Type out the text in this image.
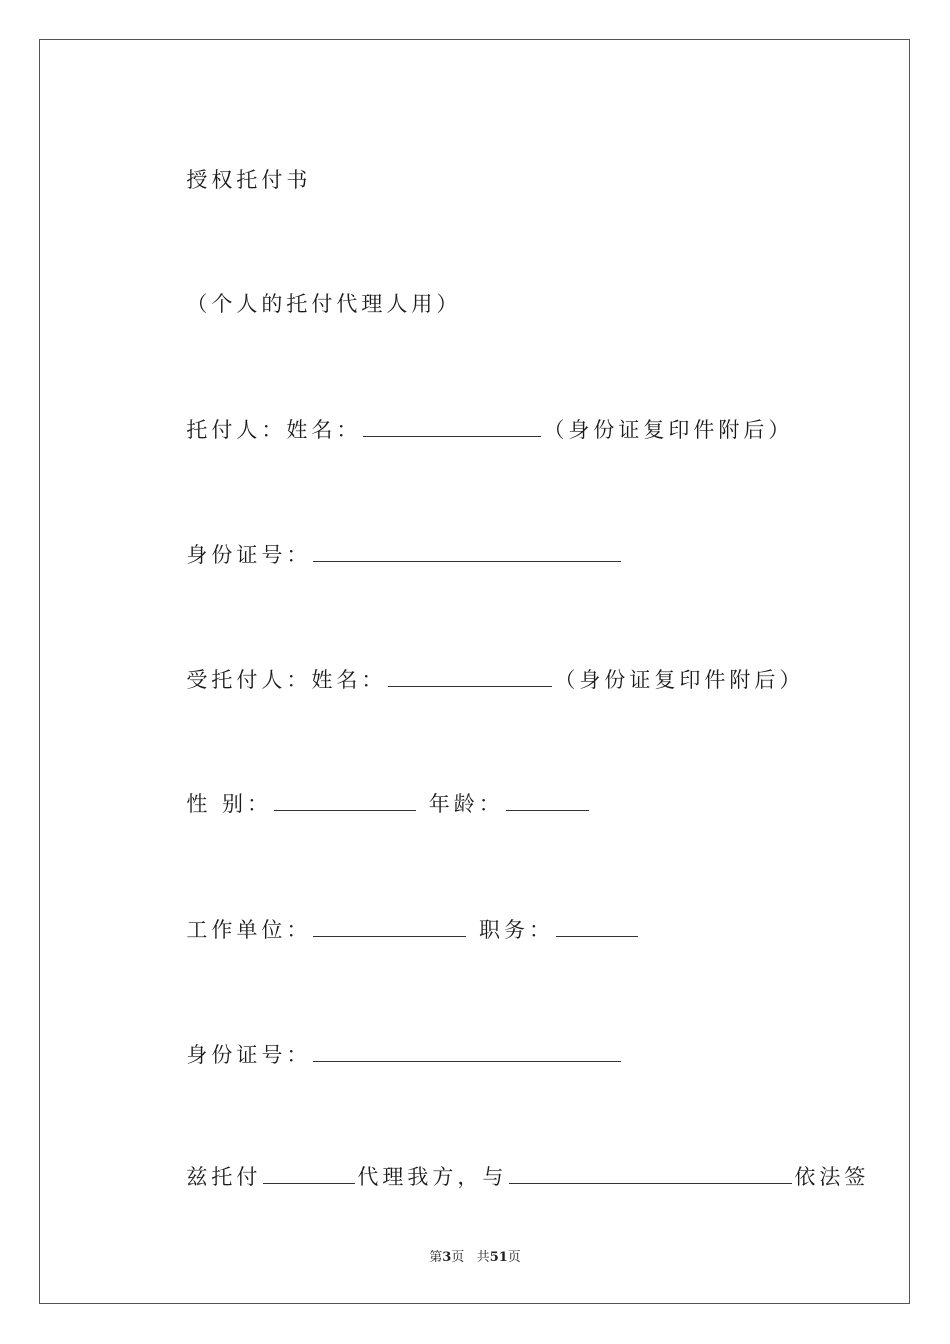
授权托付书

（个人的托付代理人用）

托付人：姓名：	（身份证复印件附后）

身份证号：

受托付人：姓名：	（身份证复印件附后）

性 别：	年龄：

工作单位：	职务：

身份证号：

兹托付	代理我方，与	依法签

第3页 共51页
